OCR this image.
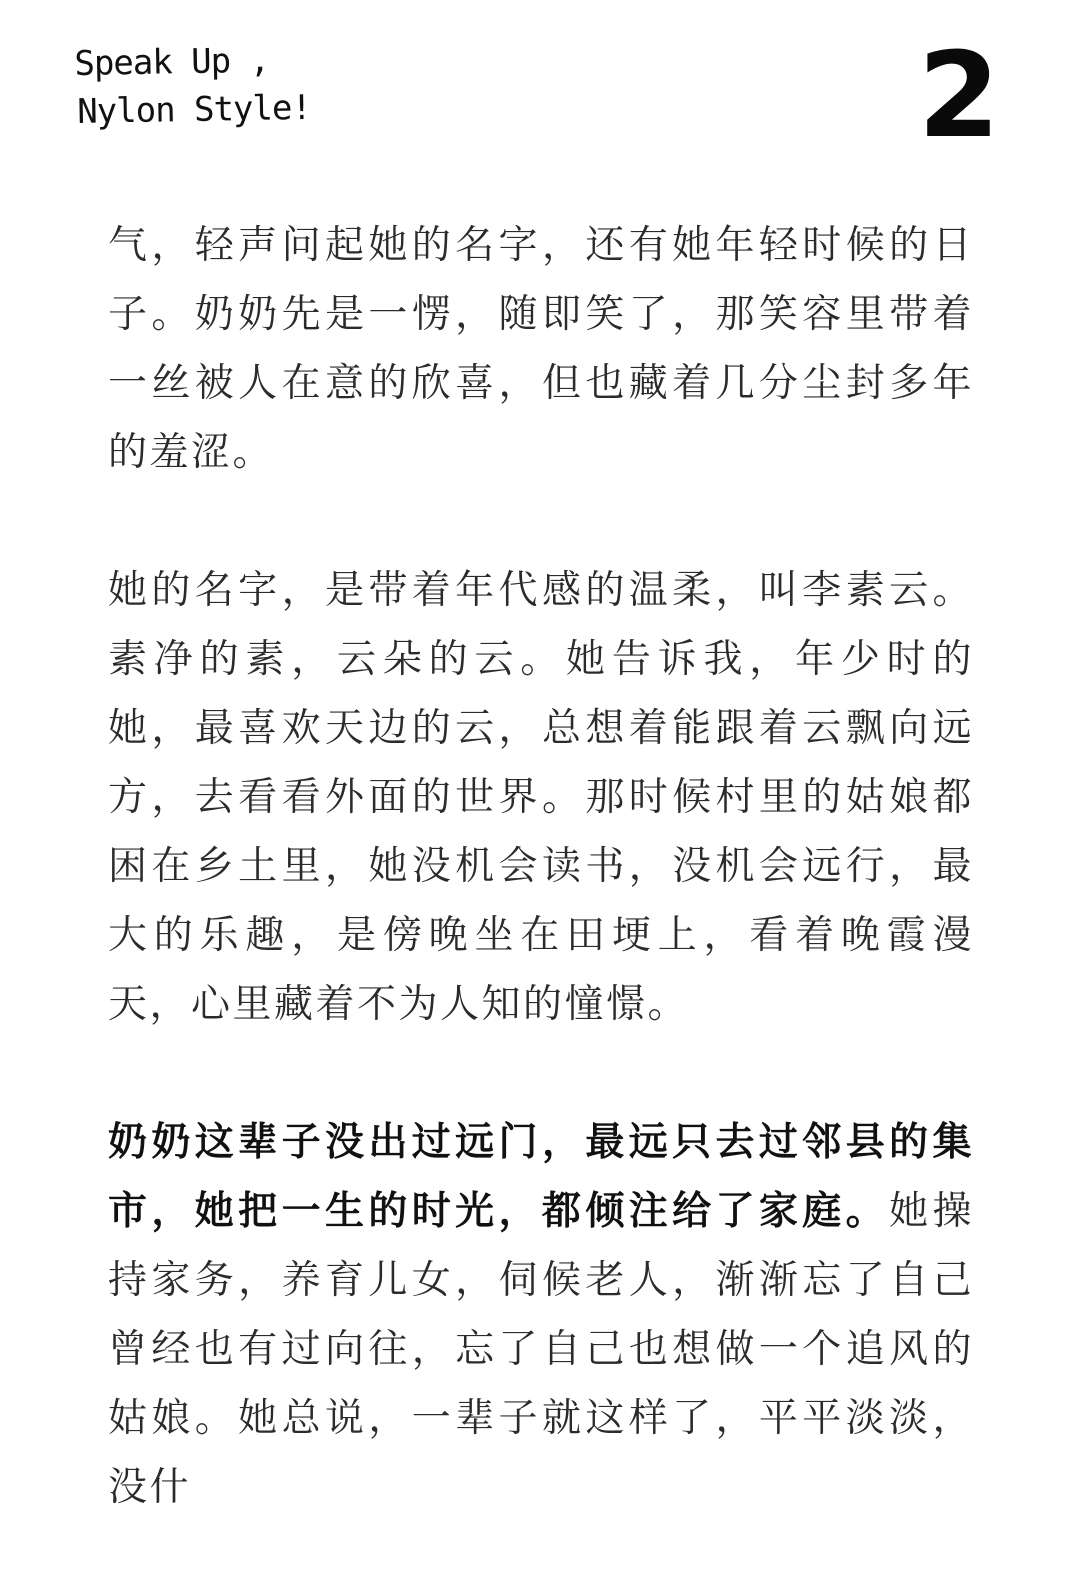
Speak Up ,
Nylon Style!	2

气，轻声问起她的名字，还有她年轻时候的日子。奶奶先是一愣，随即笑了，那笑容里带着一丝被人在意的欣喜，但也藏着几分尘封多年的羞涩。

她的名字，是带着年代感的温柔，叫李素云。素净的素，云朵的云。她告诉我，年少时的她，最喜欢天边的云，总想着能跟着云飘向远方，去看看外面的世界。那时候村里的姑娘都困在乡土里，她没机会读书，没机会远行，最大的乐趣，是傍晚坐在田埂上，看着晚霞漫天，心里藏着不为人知的憧憬。

奶奶这辈子没出过远门，最远只去过邻县的集市，她把一生的时光，都倾注给了家庭。她操持家务，养育儿女，伺候老人，渐渐忘了自己曾经也有过向往，忘了自己也想做一个追风的姑娘。她总说，一辈子就这样了，平平淡淡，没什
